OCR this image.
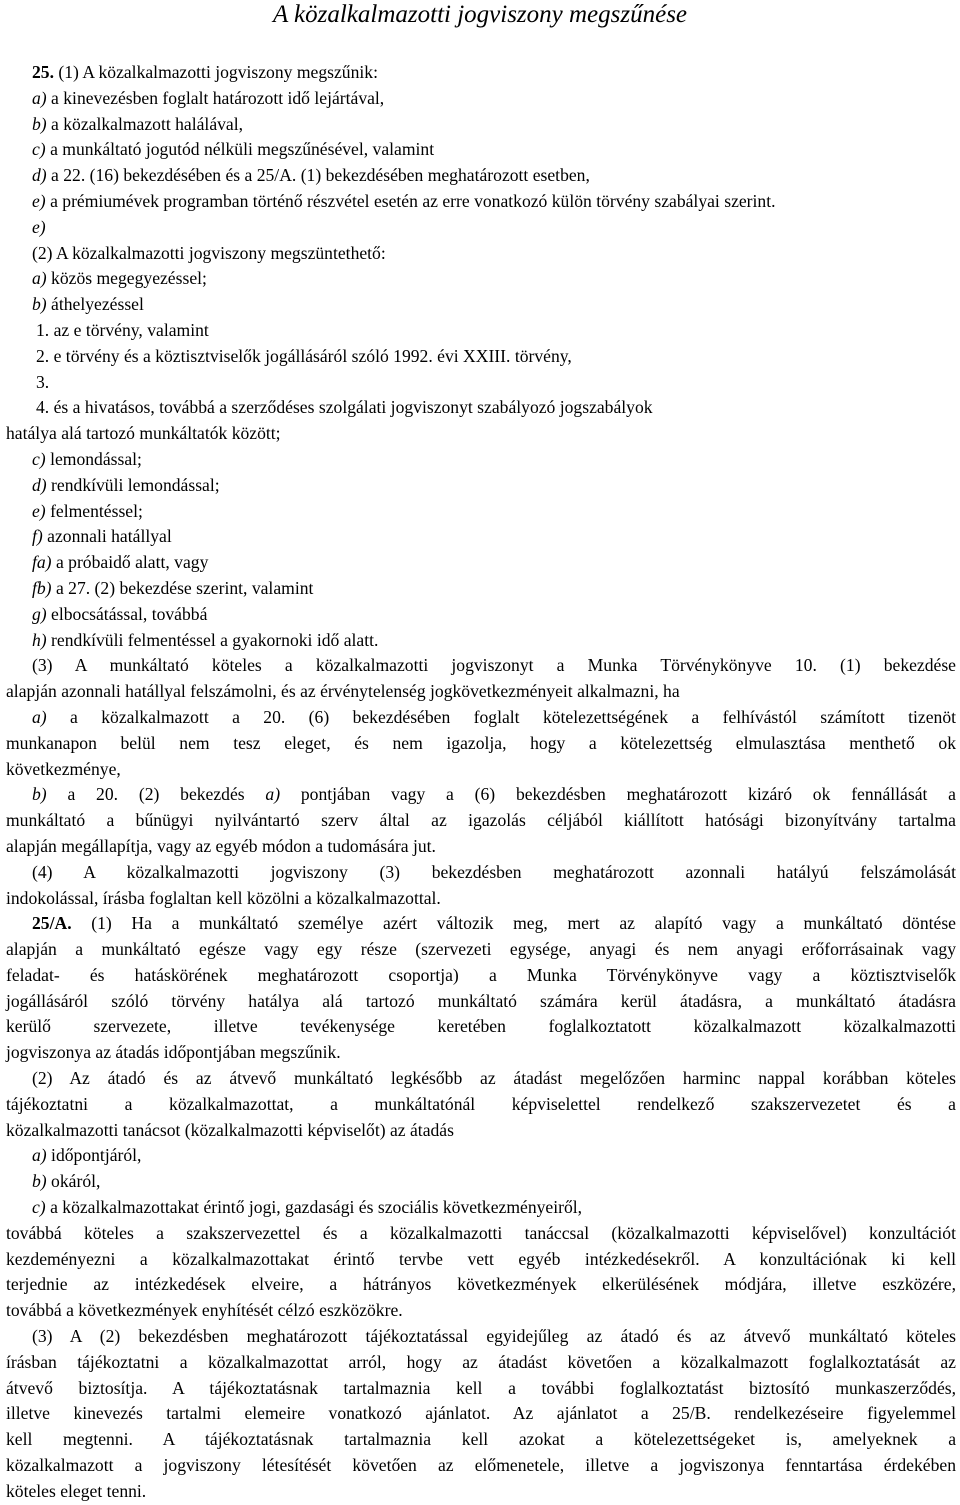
A közalkalmazotti jogviszony megszűnése
25. (1) A közalkalmazotti jogviszony megszűnik:
a) a kinevezésben foglalt határozott idő lejártával,
b) a közalkalmazott halálával,
c) a munkáltató jogutód nélküli megszűnésével, valamint
d) a 22. (16) bekezdésében és a 25/A. (1) bekezdésében meghatározott esetben,
e) a prémiumévek programban történő részvétel esetén az erre vonatkozó külön törvény szabályai szerint.
e)
(2) A közalkalmazotti jogviszony megszüntethető:
a) közös megegyezéssel;
b) áthelyezéssel
1. az e törvény, valamint
2. e törvény és a köztisztviselők jogállásáról szóló 1992. évi XXIII. törvény,
3.
4. és a hivatásos, továbbá a szerződéses szolgálati jogviszonyt szabályozó jogszabályok
hatálya alá tartozó munkáltatók között;
c) lemondással;
d) rendkívüli lemondással;
e) felmentéssel;
f) azonnali hatállyal
fa) a próbaidő alatt, vagy
fb) a 27. (2) bekezdése szerint, valamint
g) elbocsátással, továbbá
h) rendkívüli felmentéssel a gyakornoki idő alatt.
(3) A munkáltató köteles a közalkalmazotti jogviszonyt a Munka Törvénykönyve 10. (1) bekezdése
alapján azonnali hatállyal felszámolni, és az érvénytelenség jogkövetkezményeit alkalmazni, ha
a) a közalkalmazott a 20. (6) bekezdésében foglalt kötelezettségének a felhívástól számított tizenöt
munkanapon belül nem tesz eleget, és nem igazolja, hogy a kötelezettség elmulasztása menthető ok
következménye,
b) a 20. (2) bekezdés a) pontjában vagy a (6) bekezdésben meghatározott kizáró ok fennállását a
munkáltató a bűnügyi nyilvántartó szerv által az igazolás céljából kiállított hatósági bizonyítvány tartalma
alapján megállapítja, vagy az egyéb módon a tudomására jut.
(4) A közalkalmazotti jogviszony (3) bekezdésben meghatározott azonnali hatályú felszámolását
indokolással, írásba foglaltan kell közölni a közalkalmazottal.
25/A. (1) Ha a munkáltató személye azért változik meg, mert az alapító vagy a munkáltató döntése
alapján a munkáltató egésze vagy egy része (szervezeti egysége, anyagi és nem anyagi erőforrásainak vagy
feladat- és hatáskörének meghatározott csoportja) a Munka Törvénykönyve vagy a köztisztviselők
jogállásáról szóló törvény hatálya alá tartozó munkáltató számára kerül átadásra, a munkáltató átadásra
kerülő szervezete, illetve tevékenysége keretében foglalkoztatott közalkalmazott közalkalmazotti
jogviszonya az átadás időpontjában megszűnik.
(2) Az átadó és az átvevő munkáltató legkésőbb az átadást megelőzően harminc nappal korábban köteles
tájékoztatni a közalkalmazottat, a munkáltatónál képviselettel rendelkező szakszervezetet és a
közalkalmazotti tanácsot (közalkalmazotti képviselőt) az átadás
a) időpontjáról,
b) okáról,
c) a közalkalmazottakat érintő jogi, gazdasági és szociális következményeiről,
továbbá köteles a szakszervezettel és a közalkalmazotti tanáccsal (közalkalmazotti képviselővel) konzultációt
kezdeményezni a közalkalmazottakat érintő tervbe vett egyéb intézkedésekről. A konzultációnak ki kell
terjednie az intézkedések elveire, a hátrányos következmények elkerülésének módjára, illetve eszközére,
továbbá a következmények enyhítését célzó eszközökre.
(3) A (2) bekezdésben meghatározott tájékoztatással egyidejűleg az átadó és az átvevő munkáltató köteles
írásban tájékoztatni a közalkalmazottat arról, hogy az átadást követően a közalkalmazott foglalkoztatását az
átvevő biztosítja. A tájékoztatásnak tartalmaznia kell a további foglalkoztatást biztosító munkaszerződés,
illetve kinevezés tartalmi elemeire vonatkozó ajánlatot. Az ajánlatot a 25/B. rendelkezéseire figyelemmel
kell megtenni. A tájékoztatásnak tartalmaznia kell azokat a kötelezettségeket is, amelyeknek a
közalkalmazott a jogviszony létesítését követően az előmenetele, illetve a jogviszonya fenntartása érdekében
köteles eleget tenni.
